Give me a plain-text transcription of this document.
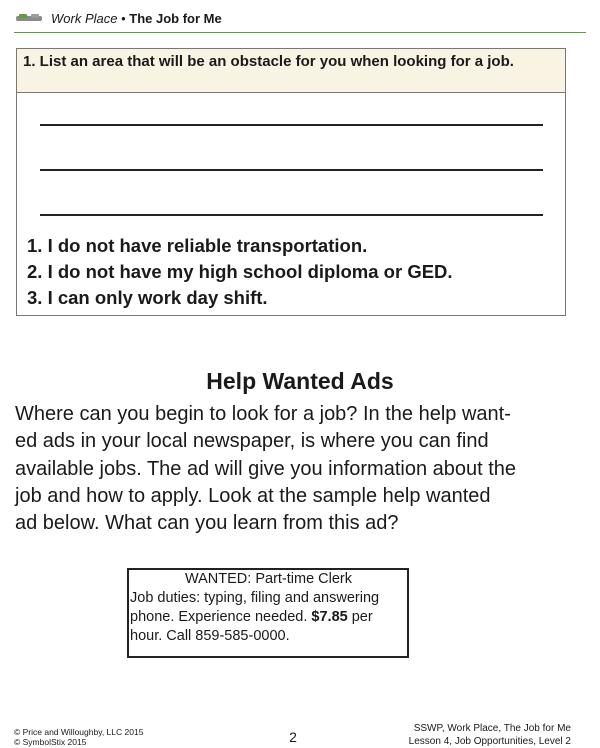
Work Place • The Job for Me
1. List an area that will be an obstacle for you when looking for a job.
1. I do not have reliable transportation.
2. I do not have my high school diploma or GED.
3. I can only work day shift.
Help Wanted Ads
Where can you begin to look for a job? In the help want-
ed ads in your local newspaper, is where you can find
available jobs. The ad will give you information about the
job and how to apply. Look at the sample help wanted
ad below. What can you learn from this ad?
WANTED: Part-time Clerk
Job duties: typing, filing and answering
phone. Experience needed. $7.85 per
hour. Call 859-585-0000.
© Price and Willoughby, LLC 2015
© SymbolStix 2015	2
SSWP, Work Place, The Job for Me
Lesson 4, Job Opportunities, Level 2
